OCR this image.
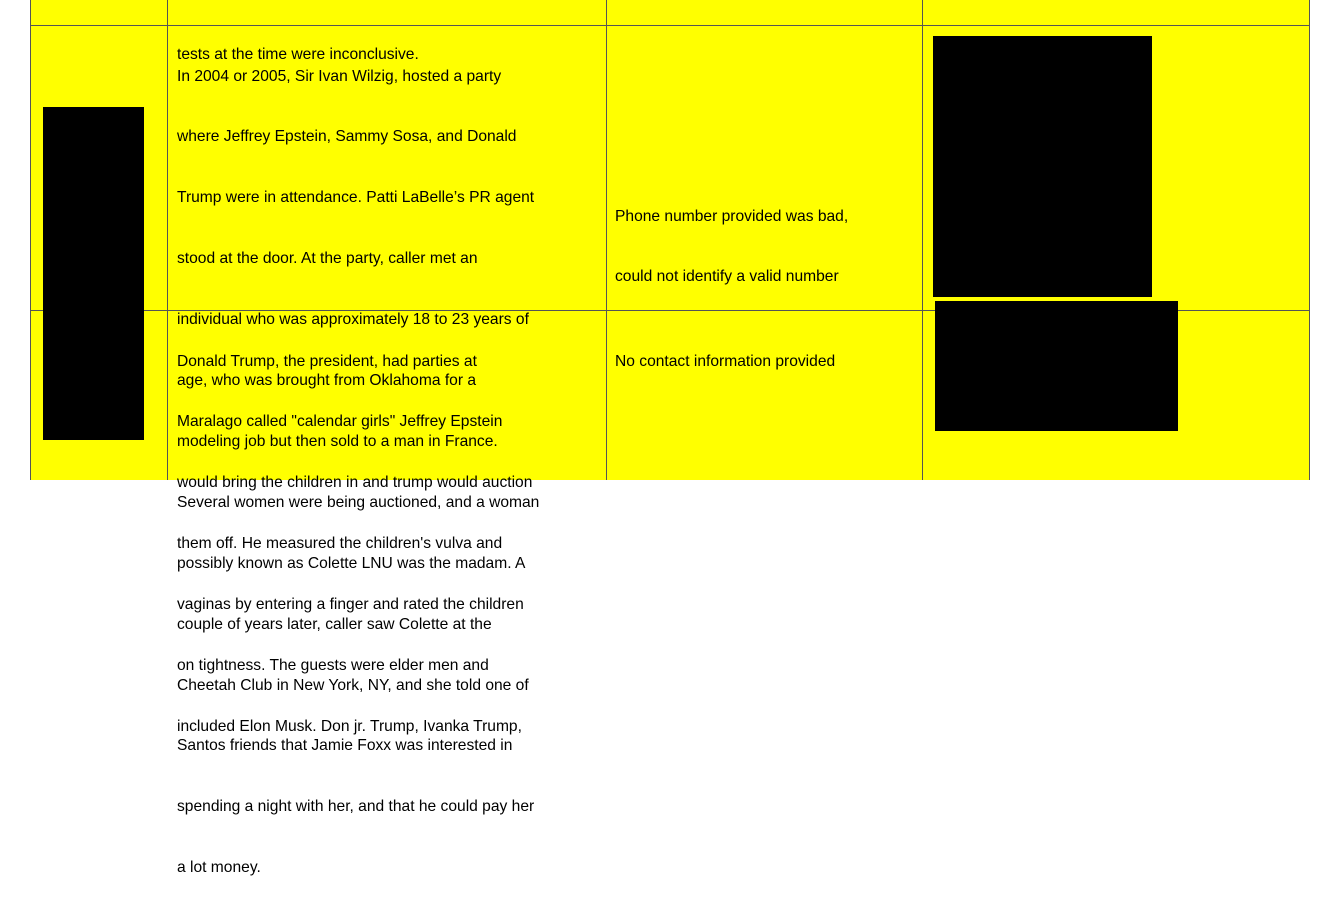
tests at the time were inconclusive.

In 2004 or 2005, Sir Ivan Wilzig, hosted a party

where Jeffrey Epstein, Sammy Sosa, and Donald

Trump were in attendance. Patti LaBelle’s PR agent

stood at the door. At the party, caller met an

individual who was approximately 18 to 23 years of

age, who was brought from Oklahoma for a

modeling job but then sold to a man in France.

Several women were being auctioned, and a woman

possibly known as Colette LNU was the madam. A

couple of years later, caller saw Colette at the

Cheetah Club in New York, NY, and she told one of

Santos friends that Jamie Foxx was interested in

spending a night with her, and that he could pay her

a lot money.

Phone number provided was bad,

could not identify a valid number

Donald Trump, the president, had parties at

Maralago called "calendar girls" Jeffrey Epstein

would bring the children in and trump would auction

them off. He measured the children's vulva and

vaginas by entering a finger and rated the children

on tightness. The guests were elder men and

included Elon Musk. Don jr. Trump, Ivanka Trump,

No contact information provided
